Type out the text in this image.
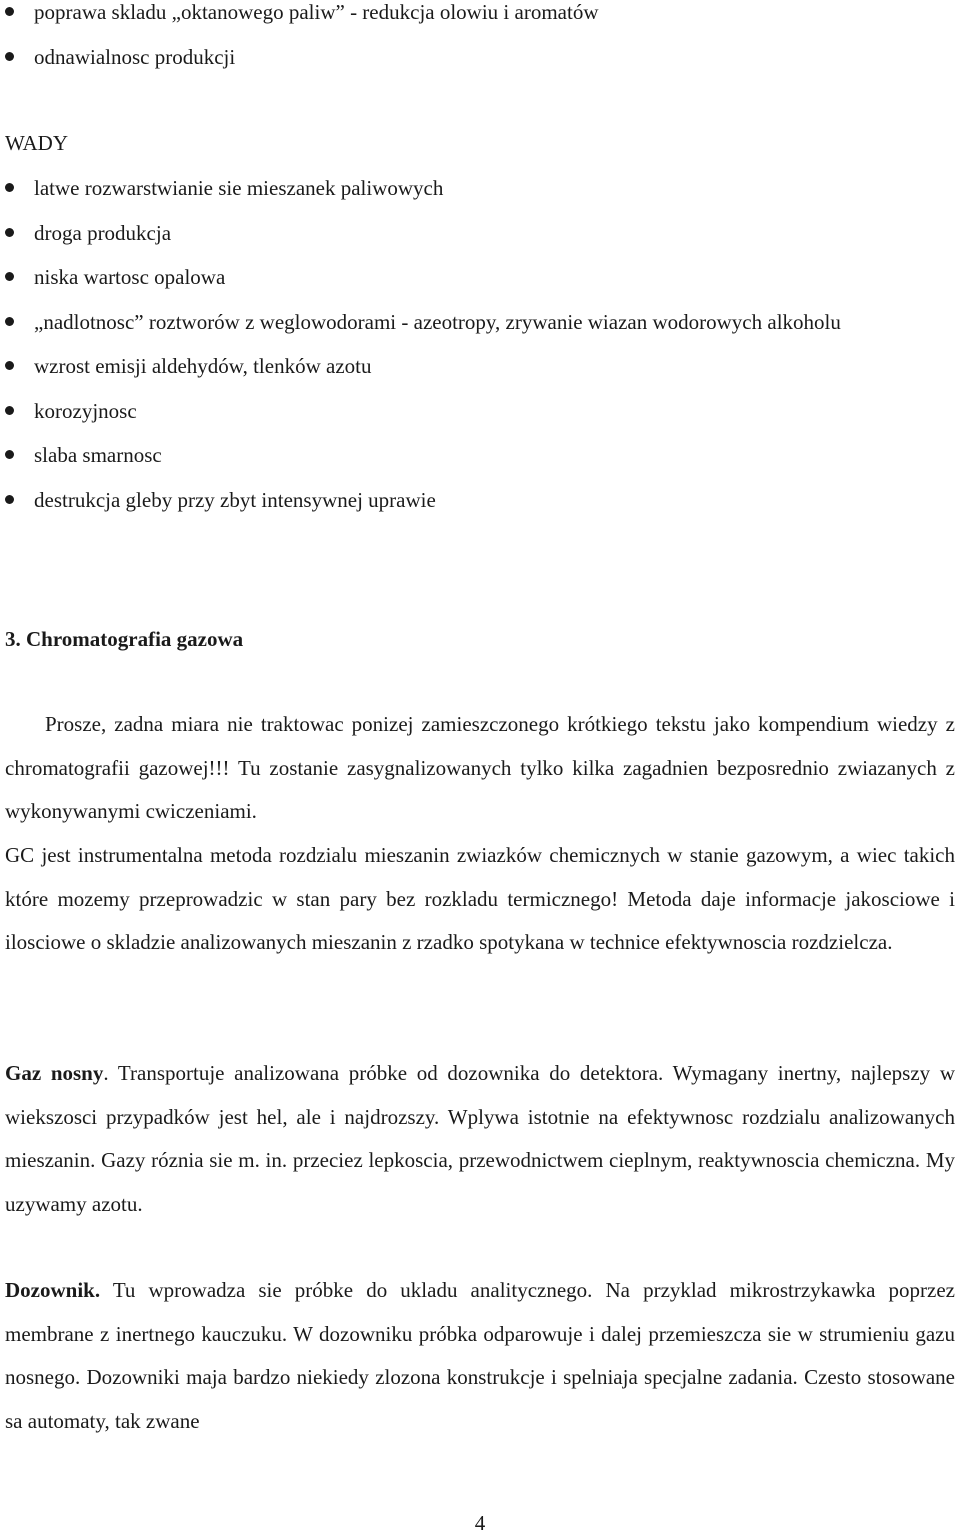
poprawa skladu „oktanowego paliw” - redukcja olowiu i aromatów
odnawialnosc produkcji
WADY
latwe rozwarstwianie sie mieszanek paliwowych
droga produkcja
niska wartosc opalowa
„nadlotnosc” roztworów z weglowodorami - azeotropy, zrywanie wiazan wodorowych alkoholu
wzrost emisji aldehydów, tlenków azotu
korozyjnosc
slaba smarnosc
destrukcja gleby przy zbyt intensywnej uprawie
3. Chromatografia gazowa

Prosze, zadna miara nie traktowac ponizej zamieszczonego krótkiego tekstu jako kompendium wiedzy z chromatografii gazowej!!! Tu zostanie zasygnalizowanych tylko kilka zagadnien bezposrednio zwiazanych z wykonywanymi cwiczeniami.

GC jest instrumentalna metoda rozdzialu mieszanin zwiazków chemicznych w stanie gazowym, a wiec takich które mozemy przeprowadzic w stan pary bez rozkladu termicznego! Metoda daje informacje jakosciowe i ilosciowe o skladzie analizowanych mieszanin z rzadko spotykana w technice efektywnoscia rozdzielcza.

Gaz nosny. Transportuje analizowana próbke od dozownika do detektora. Wymagany inertny, najlepszy w wiekszosci przypadków jest hel, ale i najdrozszy. Wplywa istotnie na efektywnosc rozdzialu analizowanych mieszanin. Gazy róznia sie m. in. przeciez lepkoscia, przewodnictwem cieplnym, reaktywnoscia chemiczna. My uzywamy azotu.

Dozownik. Tu wprowadza sie próbke do ukladu analitycznego. Na przyklad mikrostrzykawka poprzez membrane z inertnego kauczuku. W dozowniku próbka odparowuje i dalej przemieszcza sie w strumieniu gazu nosnego. Dozowniki maja bardzo niekiedy zlozona konstrukcje i spelniaja specjalne zadania. Czesto stosowane sa automaty, tak zwane

4
